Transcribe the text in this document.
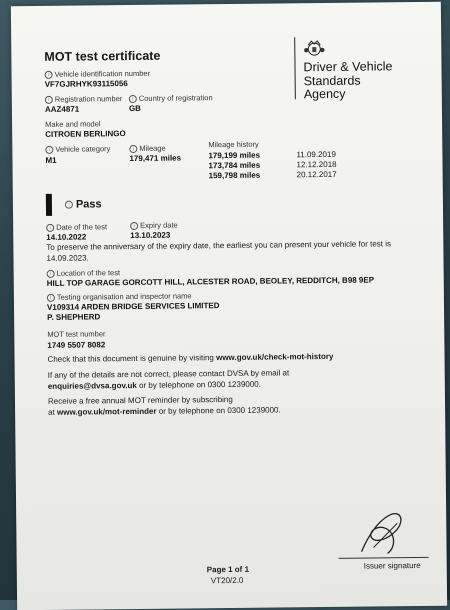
MOT test certificate
Driver & Vehicle
Standards
Agency
i Vehicle identification number
VF7GJRHYK93115056
i Registration number
AAZ4871
i Country of registration
GB
Make and model
CITROEN BERLINGO
i Vehicle category
M1
i Mileage
179,471 miles
Mileage history
179,199 miles	11.09.2019
173,784 miles	12.12.2018
159,798 miles	20.12.2017
i Pass
i Date of the test
14.10.2022
i Expiry date
13.10.2023
To preserve the anniversary of the expiry date, the earliest you can present your vehicle for test is
14.09.2023.
i Location of the test
HILL TOP GARAGE GORCOTT HILL, ALCESTER ROAD, BEOLEY, REDDITCH, B98 9EP
i Testing organisation and inspector name
V109314 ARDEN BRIDGE SERVICES LIMITED
P. SHEPHERD
MOT test number
1749 5507 8082
Check that this document is genuine by visiting www.gov.uk/check-mot-history
If any of the details are not correct, please contact DVSA by email at
enquiries@dvsa.gov.uk or by telephone on 0300 1239000.
Receive a free annual MOT reminder by subscribing
at www.gov.uk/mot-reminder or by telephone on 0300 1239000.
Issuer signature
Page 1 of 1
VT20/2.0
